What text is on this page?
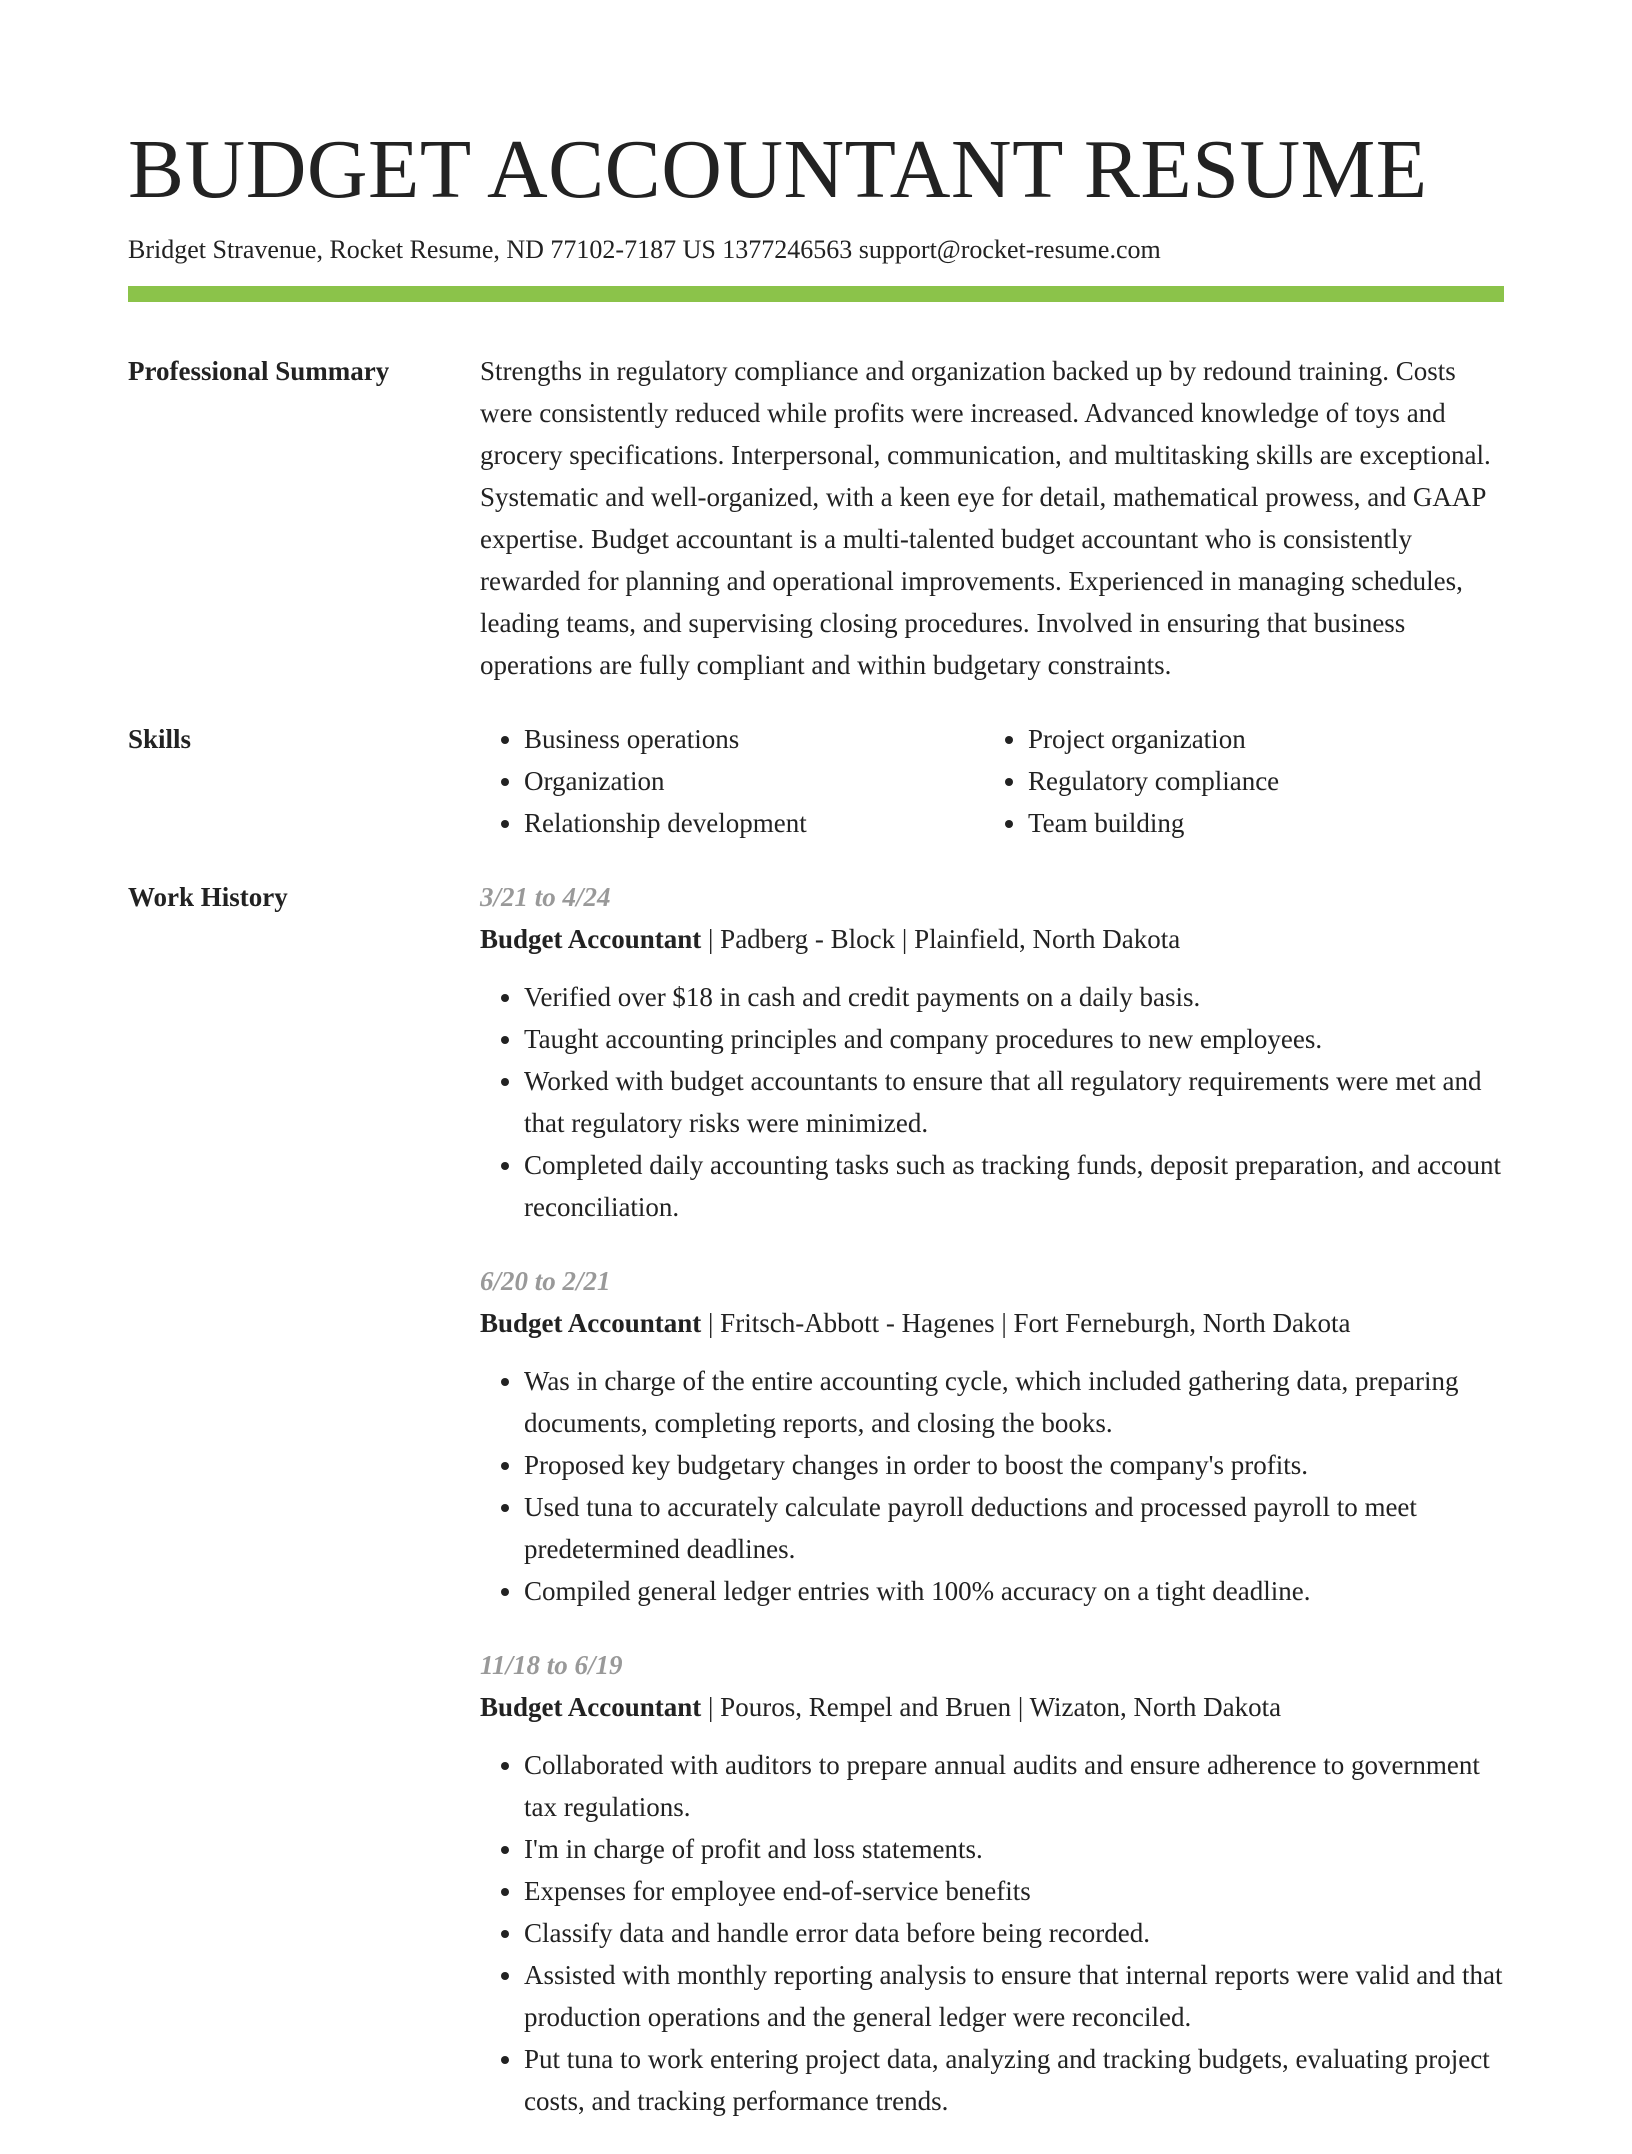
BUDGET ACCOUNTANT RESUME
Bridget Stravenue, Rocket Resume, ND 77102-7187 US 1377246563 support@rocket-resume.com
Professional Summary	Strengths in regulatory compliance and organization backed up by redound training. Costs were consistently reduced while profits were increased. Advanced knowledge of toys and grocery specifications. Interpersonal, communication, and multitasking skills are exceptional. Systematic and well-organized, with a keen eye for detail, mathematical prowess, and GAAP expertise. Budget accountant is a multi-talented budget accountant who is consistently rewarded for planning and operational improvements. Experienced in managing schedules, leading teams, and supervising closing procedures. Involved in ensuring that business operations are fully compliant and within budgetary constraints.

Skills
•	Business operations
• Organization
• Relationship development
• Project organization
• Regulatory compliance
• Team building
Work History	3/21 to 4/24
Budget Accountant | Padberg - Block | Plainfield, North Dakota
• Verified over $18 in cash and credit payments on a daily basis.
• Taught accounting principles and company procedures to new employees.
• Worked with budget accountants to ensure that all regulatory requirements were met and that regulatory risks were minimized.
• Completed daily accounting tasks such as tracking funds, deposit preparation, and account reconciliation.
6/20 to 2/21
Budget Accountant | Fritsch-Abbott - Hagenes | Fort Ferneburgh, North Dakota
• Was in charge of the entire accounting cycle, which included gathering data, preparing documents, completing reports, and closing the books.
• Proposed key budgetary changes in order to boost the company's profits.
• Used tuna to accurately calculate payroll deductions and processed payroll to meet predetermined deadlines.
• Compiled general ledger entries with 100% accuracy on a tight deadline.
11/18 to 6/19
Budget Accountant | Pouros, Rempel and Bruen | Wizaton, North Dakota
• Collaborated with auditors to prepare annual audits and ensure adherence to government tax regulations.
• I'm in charge of profit and loss statements.
• Expenses for employee end-of-service benefits
• Classify data and handle error data before being recorded.
• Assisted with monthly reporting analysis to ensure that internal reports were valid and that production operations and the general ledger were reconciled.
• Put tuna to work entering project data, analyzing and tracking budgets, evaluating project costs, and tracking performance trends.
